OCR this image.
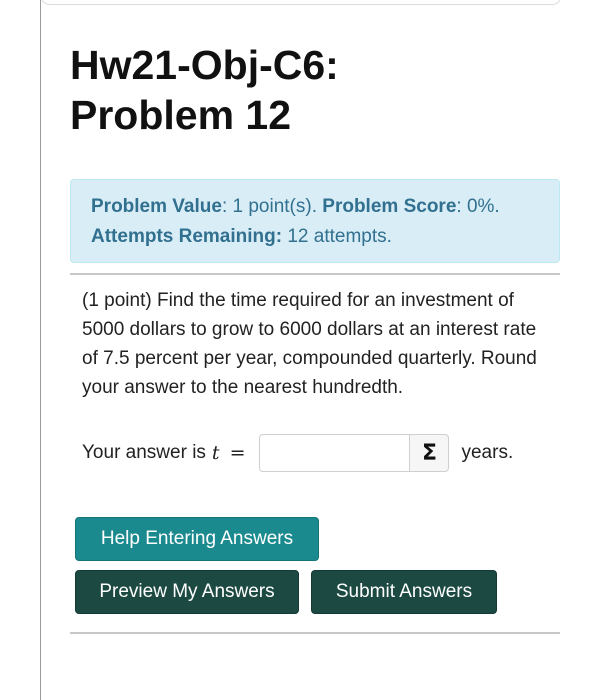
Hw21-Obj-C6:
Problem 12
Problem Value: 1 point(s). Problem Score: 0%. Attempts Remaining: 12 attempts.

(1 point) Find the time required for an investment of 5000 dollars to grow to 6000 dollars at an interest rate of 7.5 percent per year, compounded quarterly. Round your answer to the nearest hundredth.

Your answer is t =	Σ	years.
Help Entering Answers
Preview My Answers	Submit Answers
